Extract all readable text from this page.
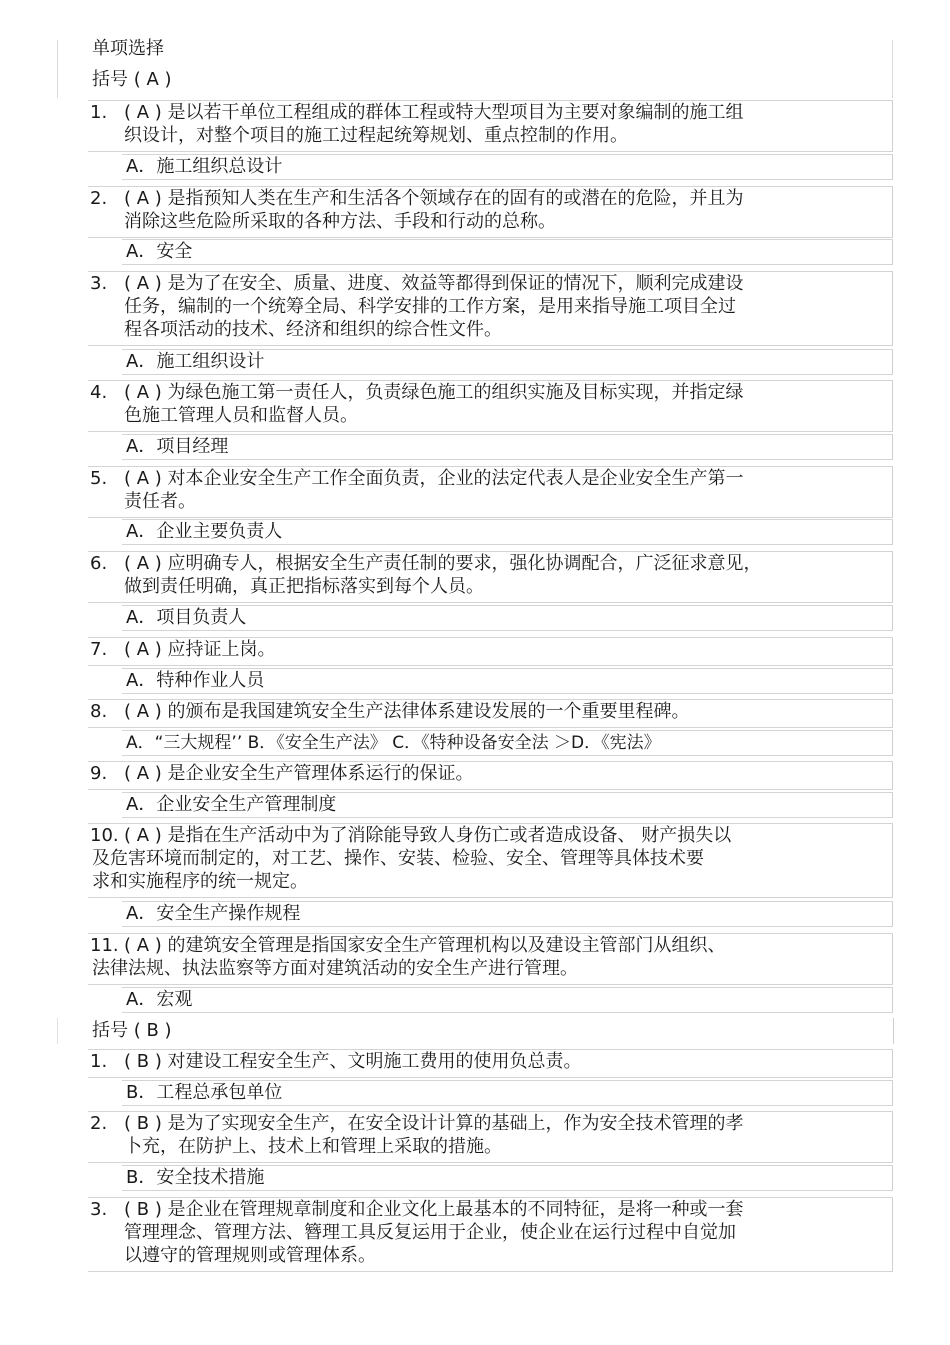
单项选择
括号 ( A )
1. ( A ) 是以若干单位工程组成的群体工程或特大型项目为主要对象编制的施工组
织设计，对整个项目的施工过程起统筹规划、重点控制的作用。
A．施工组织总设计
2. ( A ) 是指预知人类在生产和生活各个领域存在的固有的或潜在的危险，并且为
消除这些危险所采取的各种方法、手段和行动的总称。
A．安全
3. ( A ) 是为了在安全、质量、进度、效益等都得到保证的情况下，顺利完成建设
任务，编制的一个统筹全局、科学安排的工作方案，是用来指导施工项目全过
程各项活动的技术、经济和组织的综合性文件。
A．施工组织设计
4. ( A ) 为绿色施工第一责任人，负责绿色施工的组织实施及目标实现，并指定绿
色施工管理人员和监督人员。
A．项目经理
5. ( A ) 对本企业安全生产工作全面负责，企业的法定代表人是企业安全生产第一
责任者。
A．企业主要负责人
6. ( A ) 应明确专人，根据安全生产责任制的要求，强化协调配合，广泛征求意见，
做到责任明确，真正把指标落实到每个人员。
A．项目负责人
7. ( A ) 应持证上岗。
A．特种作业人员
8. ( A ) 的颁布是我国建筑安全生产法律体系建设发展的一个重要里程碑。
A．“三大规程’’ B．《安全生产法》 C．《特种设备安全法 ＞D．《宪法》
9. ( A ) 是企业安全生产管理体系运行的保证。
A．企业安全生产管理制度
10. ( A ) 是指在生产活动中为了消除能导致人身伤亡或者造成设备、 财产损失以
及危害环境而制定的，对工艺、操作、安装、检验、安全、管理等具体技术要
求和实施程序的统一规定。
A．安全生产操作规程
11. ( A ) 的建筑安全管理是指国家安全生产管理机构以及建设主管部门从组织、
法律法规、执法监察等方面对建筑活动的安全生产进行管理。
A．宏观
括号 ( B )
1. ( B ) 对建设工程安全生产、文明施工费用的使用负总责。
B．工程总承包单位
2. ( B ) 是为了实现安全生产，在安全设计计算的基础上，作为安全技术管理的孝
卜充，在防护上、技术上和管理上采取的措施。
B．安全技术措施
3. ( B ) 是企业在管理规章制度和企业文化上最基本的不同特征，是将一种或一套
管理理念、管理方法、簪理工具反复运用于企业，使企业在运行过程中自觉加
以遵守的管理规则或管理体系。
